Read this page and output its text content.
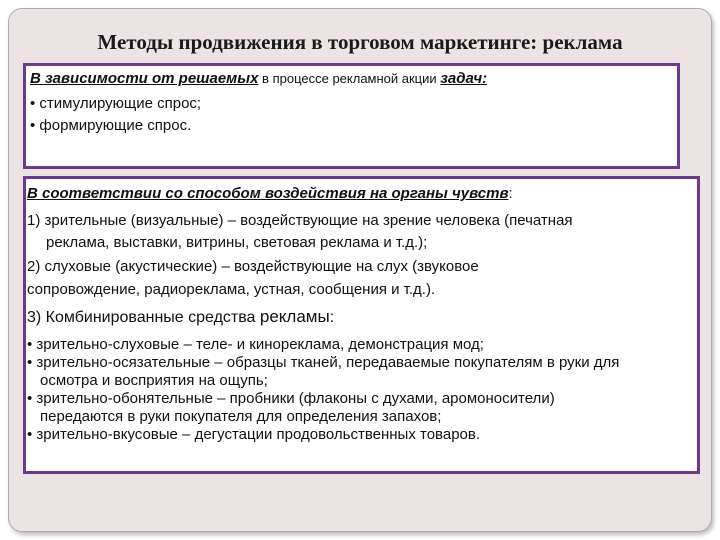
Методы продвижения в торговом маркетинге: реклама
В зависимости от решаемых в процессе рекламной акции задач:
• стимулирующие спрос;
• формирующие спрос.
В соответствии со способом воздействия на органы чувств:
1) зрительные (визуальные) – воздействующие на зрение человека (печатная
реклама, выставки, витрины, световая реклама и т.д.);
2) слуховые (акустические) – воздействующие на слух (звуковое
сопровождение, радиореклама, устная, сообщения и т.д.).
3) Комбинированные средства рекламы:
• зрительно-слуховые – теле- и кинореклама, демонстрация мод;
• зрительно-осязательные – образцы тканей, передаваемые покупателям в руки для
осмотра и восприятия на ощупь;
• зрительно-обонятельные – пробники (флаконы с духами, аромоносители)
передаются в руки покупателя для определения запахов;
• зрительно-вкусовые – дегустации продовольственных товаров.
